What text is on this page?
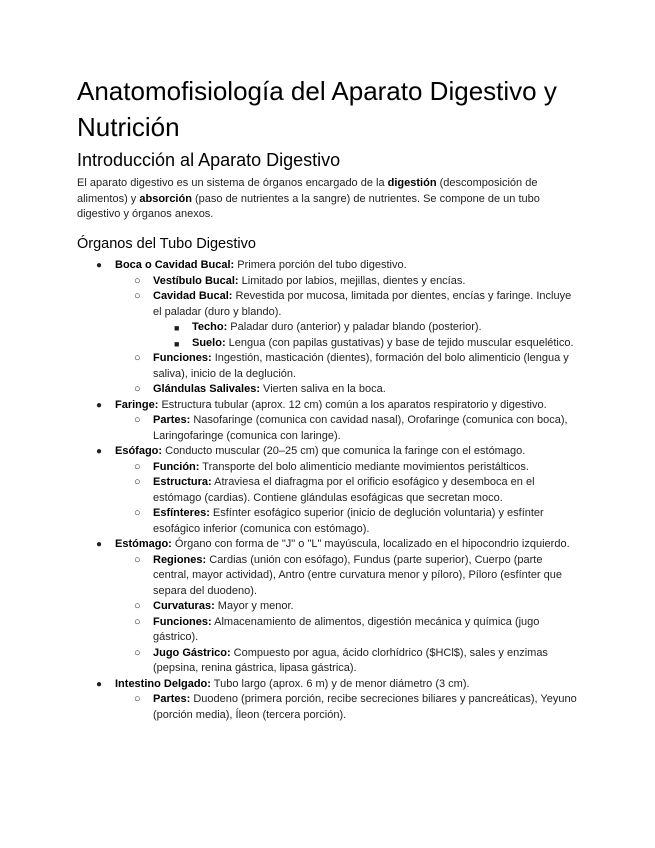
Anatomofisiología del Aparato Digestivo y Nutrición
Introducción al Aparato Digestivo

El aparato digestivo es un sistema de órganos encargado de la digestión (descomposición de alimentos) y absorción (paso de nutrientes a la sangre) de nutrientes. Se compone de un tubo digestivo y órganos anexos.

Órganos del Tubo Digestivo
● Boca o Cavidad Bucal: Primera porción del tubo digestivo.
○ Vestíbulo Bucal: Limitado por labios, mejillas, dientes y encías.
○ Cavidad Bucal: Revestida por mucosa, limitada por dientes, encías y faringe. Incluye el paladar (duro y blando).
■ Techo: Paladar duro (anterior) y paladar blando (posterior).
■ Suelo: Lengua (con papilas gustativas) y base de tejido muscular esquelético.
○ Funciones: Ingestión, masticación (dientes), formación del bolo alimenticio (lengua y saliva), inicio de la deglución.
○ Glándulas Salivales: Vierten saliva en la boca.
● Faringe: Estructura tubular (aprox. 12 cm) común a los aparatos respiratorio y digestivo.
○ Partes: Nasofaringe (comunica con cavidad nasal), Orofaringe (comunica con boca), Laringofaringe (comunica con laringe).
● Esófago: Conducto muscular (20–25 cm) que comunica la faringe con el estómago.
○ Función: Transporte del bolo alimenticio mediante movimientos peristálticos.
○ Estructura: Atraviesa el diafragma por el orificio esofágico y desemboca en el estómago (cardias). Contiene glándulas esofágicas que secretan moco.
○ Esfínteres: Esfínter esofágico superior (inicio de deglución voluntaria) y esfínter esofágico inferior (comunica con estómago).
● Estómago: Órgano con forma de "J" o "L" mayúscula, localizado en el hipocondrio izquierdo.
○ Regiones: Cardias (unión con esófago), Fundus (parte superior), Cuerpo (parte central, mayor actividad), Antro (entre curvatura menor y píloro), Píloro (esfínter que separa del duodeno).
○ Curvaturas: Mayor y menor.
○ Funciones: Almacenamiento de alimentos, digestión mecánica y química (jugo gástrico).
○ Jugo Gástrico: Compuesto por agua, ácido clorhídrico ($HCl$), sales y enzimas (pepsina, renina gástrica, lipasa gástrica).
● Intestino Delgado: Tubo largo (aprox. 6 m) y de menor diámetro (3 cm).
○ Partes: Duodeno (primera porción, recibe secreciones biliares y pancreáticas), Yeyuno (porción media), Íleon (tercera porción).
